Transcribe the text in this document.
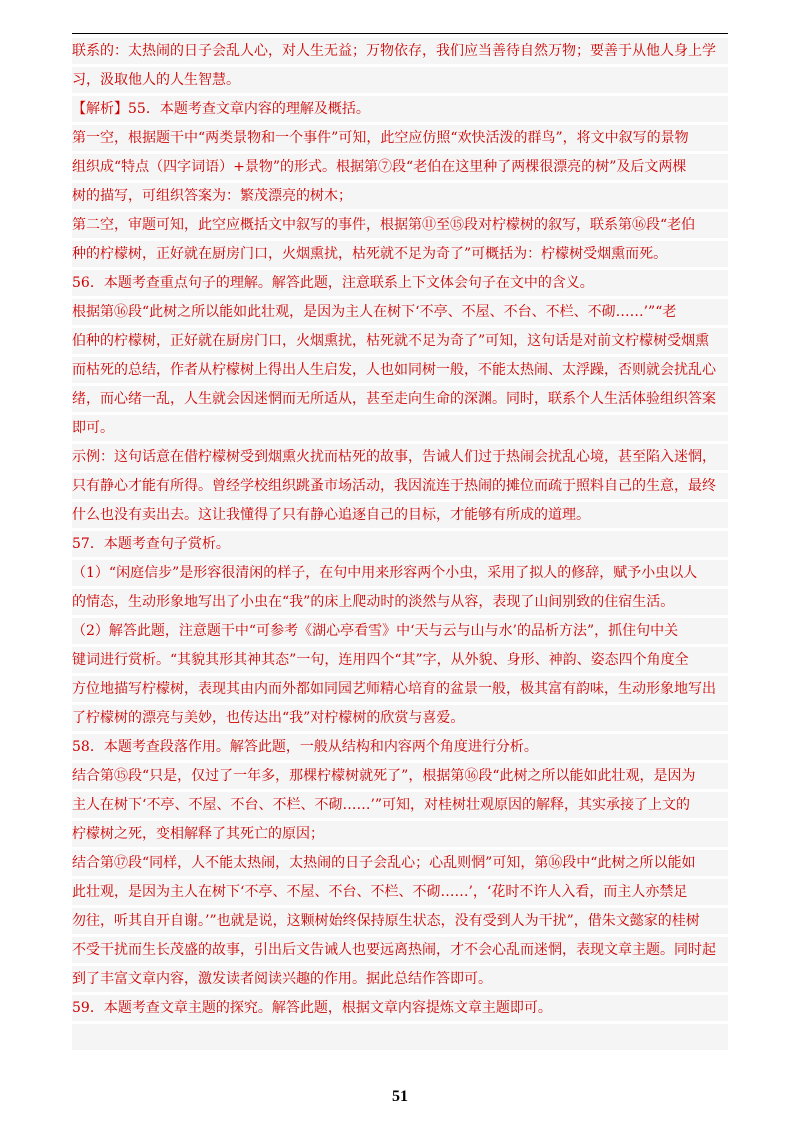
联系的：太热闹的日子会乱人心，对人生无益；万物依存，我们应当善待自然万物；要善于从他人身上学
习，汲取他人的人生智慧。
【解析】55．本题考查文章内容的理解及概括。
第一空，根据题干中“两类景物和一个事件”可知，此空应仿照“欢快活泼的群鸟”，将文中叙写的景物
组织成“特点（四字词语）+景物”的形式。根据第⑦段“老伯在这里种了两棵很漂亮的树”及后文两棵
树的描写，可组织答案为：繁茂漂亮的树木；
第二空，审题可知，此空应概括文中叙写的事件，根据第⑪至⑮段对柠檬树的叙写，联系第⑯段“老伯
种的柠檬树，正好就在厨房门口，火烟熏扰，枯死就不足为奇了”可概括为：柠檬树受烟熏而死。
56．本题考查重点句子的理解。解答此题，注意联系上下文体会句子在文中的含义。
根据第⑯段“此树之所以能如此壮观，是因为主人在树下‘不亭、不屋、不台、不栏、不砌……’”“老
伯种的柠檬树，正好就在厨房门口，火烟熏扰，枯死就不足为奇了”可知，这句话是对前文柠檬树受烟熏
而枯死的总结，作者从柠檬树上得出人生启发，人也如同树一般，不能太热闹、太浮躁，否则就会扰乱心
绪，而心绪一乱，人生就会因迷惘而无所适从，甚至走向生命的深渊。同时，联系个人生活体验组织答案
即可。
示例：这句话意在借柠檬树受到烟熏火扰而枯死的故事，告诫人们过于热闹会扰乱心境，甚至陷入迷惘，
只有静心才能有所得。曾经学校组织跳蚤市场活动，我因流连于热闹的摊位而疏于照料自己的生意，最终
什么也没有卖出去。这让我懂得了只有静心追逐自己的目标，才能够有所成的道理。
57．本题考查句子赏析。
（1）“闲庭信步”是形容很清闲的样子，在句中用来形容两个小虫，采用了拟人的修辞，赋予小虫以人
的情态，生动形象地写出了小虫在“我”的床上爬动时的淡然与从容，表现了山间别致的住宿生活。
（2）解答此题，注意题干中“可参考《湖心亭看雪》中‘天与云与山与水’的品析方法”，抓住句中关
键词进行赏析。“其貌其形其神其态”一句，连用四个“其”字，从外貌、身形、神韵、姿态四个角度全
方位地描写柠檬树，表现其由内而外都如同园艺师精心培育的盆景一般，极其富有韵味，生动形象地写出
了柠檬树的漂亮与美妙，也传达出“我”对柠檬树的欣赏与喜爱。
58．本题考查段落作用。解答此题，一般从结构和内容两个角度进行分析。
结合第⑮段“只是，仅过了一年多，那棵柠檬树就死了”，根据第⑯段“此树之所以能如此壮观，是因为
主人在树下‘不亭、不屋、不台、不栏、不砌……’”可知，对桂树壮观原因的解释，其实承接了上文的
柠檬树之死，变相解释了其死亡的原因；
结合第⑰段“同样，人不能太热闹，太热闹的日子会乱心；心乱则惘”可知，第⑯段中“此树之所以能如
此壮观，是因为主人在树下‘不亭、不屋、不台、不栏、不砌……’，‘花时不许人入看，而主人亦禁足
勿往，听其自开自谢。’”也就是说，这颗树始终保持原生状态，没有受到人为干扰”，借朱文懿家的桂树
不受干扰而生长茂盛的故事，引出后文告诫人也要远离热闹，才不会心乱而迷惘，表现文章主题。同时起
到了丰富文章内容，激发读者阅读兴趣的作用。据此总结作答即可。
59．本题考查文章主题的探究。解答此题，根据文章内容提炼文章主题即可。
51
